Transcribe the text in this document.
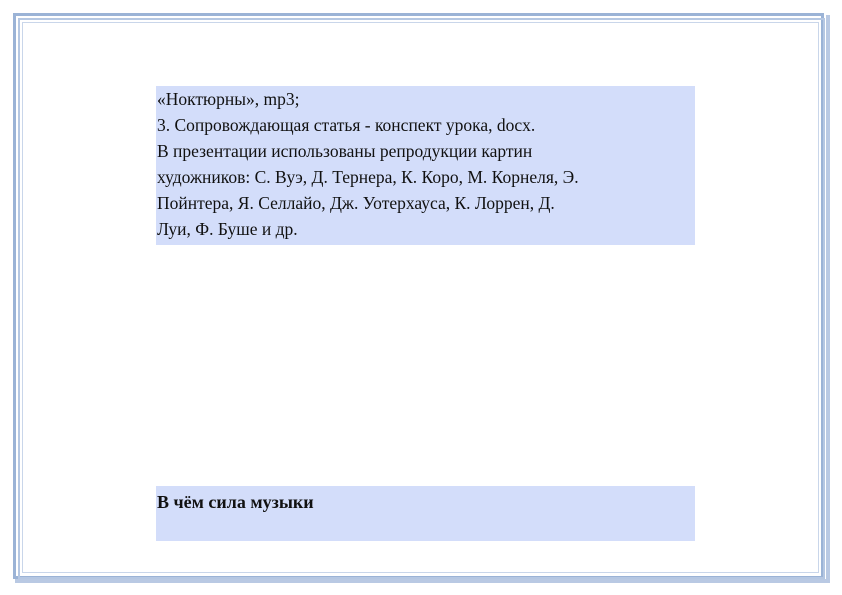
«Ноктюрны», mp3;
3. Сопровождающая статья - конспект урока, docx.
В презентации использованы репродукции картин
художников: С. Вуэ, Д. Тернера, К. Коро, М. Корнеля, Э.
Пойнтера, Я. Селлайо, Дж. Уотерхауса, К. Лоррен, Д.
Луи, Ф. Буше и др.
В чём сила музыки
